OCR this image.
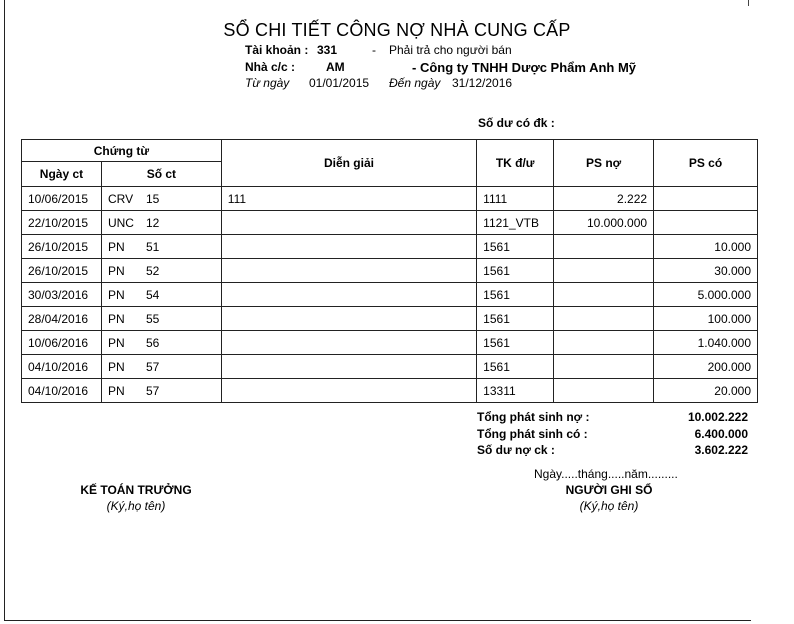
SỔ CHI TIẾT CÔNG NỢ NHÀ CUNG CẤP
Tài khoản : 331	- Phải trả cho người bán
Nhà c/c :	AM	- Công ty TNHH Dược Phẩm Anh Mỹ
Từ ngày 01/01/2015 Đến ngày 31/12/2016
Số dư có đk :
Chứng từ		Diễn giải	TK đ/ư	PS nợ	PS có
Ngày ct	Số ct				
10/06/2015	CRV 15	111	1111	2.222	
22/10/2015	UNC 12		1121_VTB	10.000.000	
26/10/2015	PN 51		1561		10.000
26/10/2015	PN 52		1561		30.000
30/03/2016	PN 54		1561		5.000.000
28/04/2016	PN 55		1561		100.000
10/06/2016	PN 56		1561		1.040.000
04/10/2016	PN 57		1561		200.000
04/10/2016	PN 57		13311		20.000
Tổng phát sinh nợ :	10.002.222
Tổng phát sinh có :	6.400.000
Số dư nợ ck :	3.602.222
Ngày.....tháng.....năm.........
KẾ TOÁN TRƯỞNG
(Ký,họ tên)
NGƯỜI GHI SỔ
(Ký,họ tên)
